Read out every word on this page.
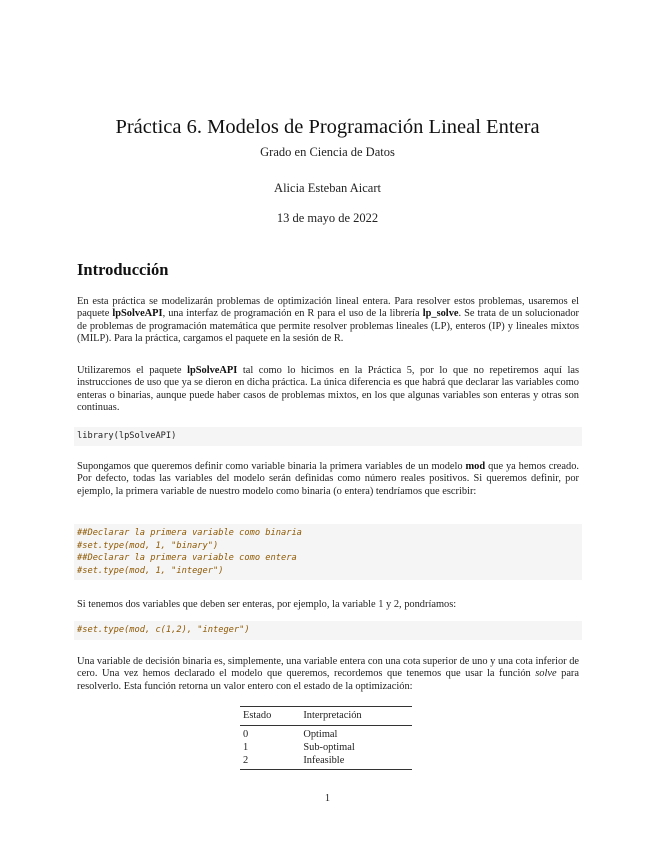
Práctica 6. Modelos de Programación Lineal Entera
Grado en Ciencia de Datos
Alicia Esteban Aicart
13 de mayo de 2022
Introducción

En esta práctica se modelizarán problemas de optimización lineal entera. Para resolver estos problemas, usaremos el paquete lpSolveAPI, una interfaz de programación en R para el uso de la librería lp_solve. Se trata de un solucionador de problemas de programación matemática que permite resolver problemas lineales (LP), enteros (IP) y lineales mixtos (MILP). Para la práctica, cargamos el paquete en la sesión de R.

Utilizaremos el paquete lpSolveAPI tal como lo hicimos en la Práctica 5, por lo que no repetiremos aquí las instrucciones de uso que ya se dieron en dicha práctica. La única diferencia es que habrá que declarar las variables como enteras o binarias, aunque puede haber casos de problemas mixtos, en los que algunas variables son enteras y otras son continuas.

library(lpSolveAPI)

Supongamos que queremos definir como variable binaria la primera variables de un modelo mod que ya hemos creado. Por defecto, todas las variables del modelo serán definidas como número reales positivos. Si queremos definir, por ejemplo, la primera variable de nuestro modelo como binaria (o entera) tendríamos que escribir:

##Declarar la primera variable como binaria
#set.type(mod, 1, "binary")
##Declarar la primera variable como entera
#set.type(mod, 1, "integer")

Si tenemos dos variables que deben ser enteras, por ejemplo, la variable 1 y 2, pondríamos:

#set.type(mod, c(1,2), "integer")

Una variable de decisión binaria es, simplemente, una variable entera con una cota superior de uno y una cota inferior de cero. Una vez hemos declarado el modelo que queremos, recordemos que tenemos que usar la función solve para resolverlo. Esta función retorna un valor entero con el estado de la optimización:

Estado	Interpretación
0	Optimal
1	Sub-optimal
2	Infeasible
1
